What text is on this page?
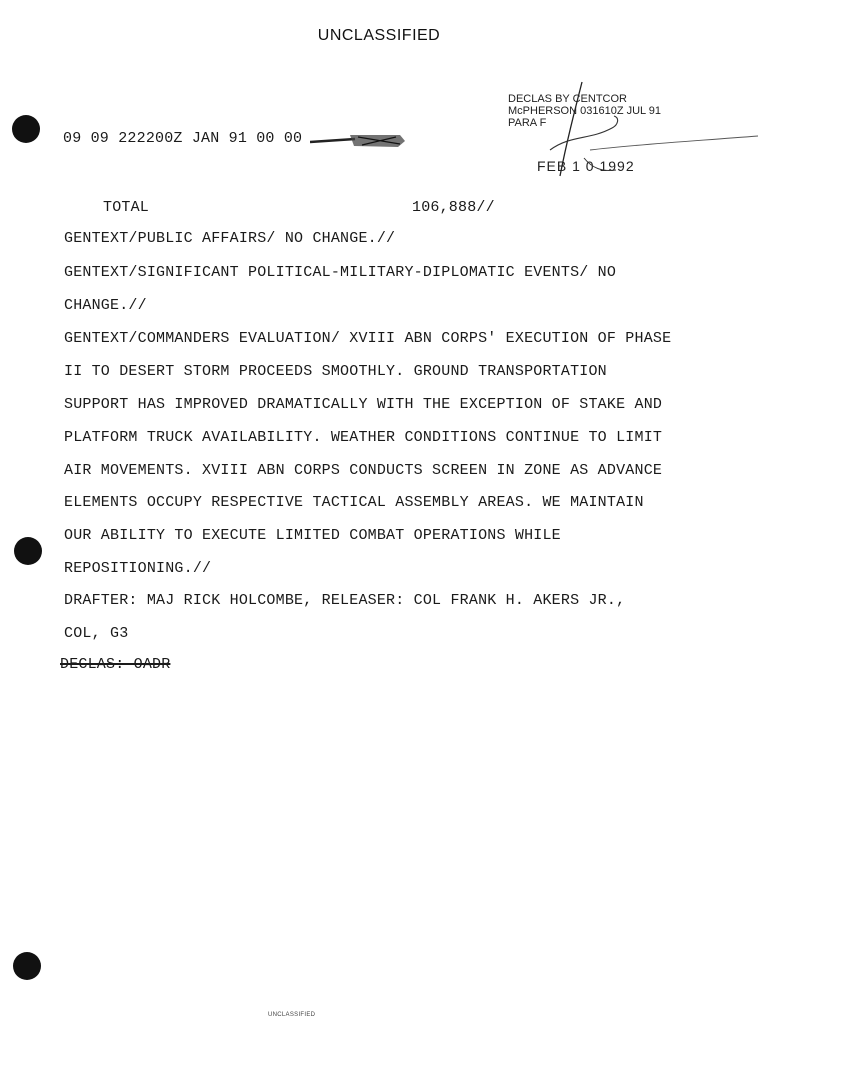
UNCLASSIFIED
DECLAS BY CENTCOR
McPHERSON 031610Z JUL 91
PARA F
FEB 1 0 1992
09 09 222200Z JAN 91 00 00
TOTAL	106,888//
GENTEXT/PUBLIC AFFAIRS/ NO CHANGE.//
GENTEXT/SIGNIFICANT POLITICAL-MILITARY-DIPLOMATIC EVENTS/ NO
CHANGE.//
GENTEXT/COMMANDERS EVALUATION/ XVIII ABN CORPS' EXECUTION OF PHASE
II TO DESERT STORM PROCEEDS SMOOTHLY. GROUND TRANSPORTATION
SUPPORT HAS IMPROVED DRAMATICALLY WITH THE EXCEPTION OF STAKE AND
PLATFORM TRUCK AVAILABILITY. WEATHER CONDITIONS CONTINUE TO LIMIT
AIR MOVEMENTS. XVIII ABN CORPS CONDUCTS SCREEN IN ZONE AS ADVANCE
ELEMENTS OCCUPY RESPECTIVE TACTICAL ASSEMBLY AREAS. WE MAINTAIN
OUR ABILITY TO EXECUTE LIMITED COMBAT OPERATIONS WHILE
REPOSITIONING.//
DRAFTER: MAJ RICK HOLCOMBE, RELEASER: COL FRANK H. AKERS JR.,
COL, G3
DECLAS: OADR
UNCLASSIFIED
